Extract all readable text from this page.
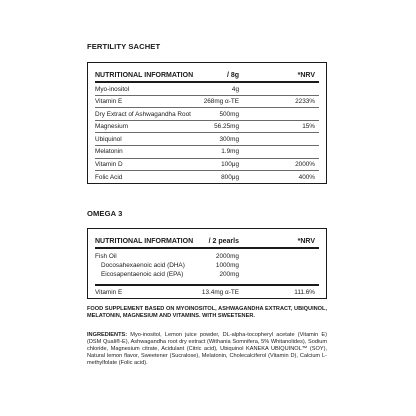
FERTILITY SACHET
NUTRITIONAL INFORMATION	/ 8g	*NRV
Myo-inositol	4g
Vitamin E	268mg α-TE	2233%
Dry Extract of Ashwagandha Root	500mg
Magnesium	56.25mg	15%
Ubiquinol	300mg
Melatonin	1.9mg
Vitamin D	100μg	2000%
Folic Acid	800μg	400%
OMEGA 3
NUTRITIONAL INFORMATION / 2 pearls	*NRV
Fish Oil	2000mg
Docosahexaenoic acid (DHA)	1000mg
Eicosapentaenoic acid (EPA)	200mg
Vitamin E	13.4mg α-TE	111.6%
FOOD SUPPLEMENT BASED ON MYOINOSITOL, ASHWAGANDHA EXTRACT, UBIQUINOL, MELATONIN, MAGNESIUM AND VITAMINS. WITH SWEETENER.
INGREDIENTS: Myo-inositol, Lemon juice powder, DL-alpha-tocopheryl acetate (Vitamin E) (DSM Quali®-E), Ashwagandha root dry extract (Withania Somnifera, 5% Whitanolides), Sodium chloride, Magnesium citrate, Acidulant (Citric acid), Ubiquinol KANEKA UBIQUINOL™ (SOY), Natural lemon flavor, Sweetener (Sucralose), Melatonin, Cholecalciferol (Vitamin D), Calcium L-methylfolate (Folic acid).
